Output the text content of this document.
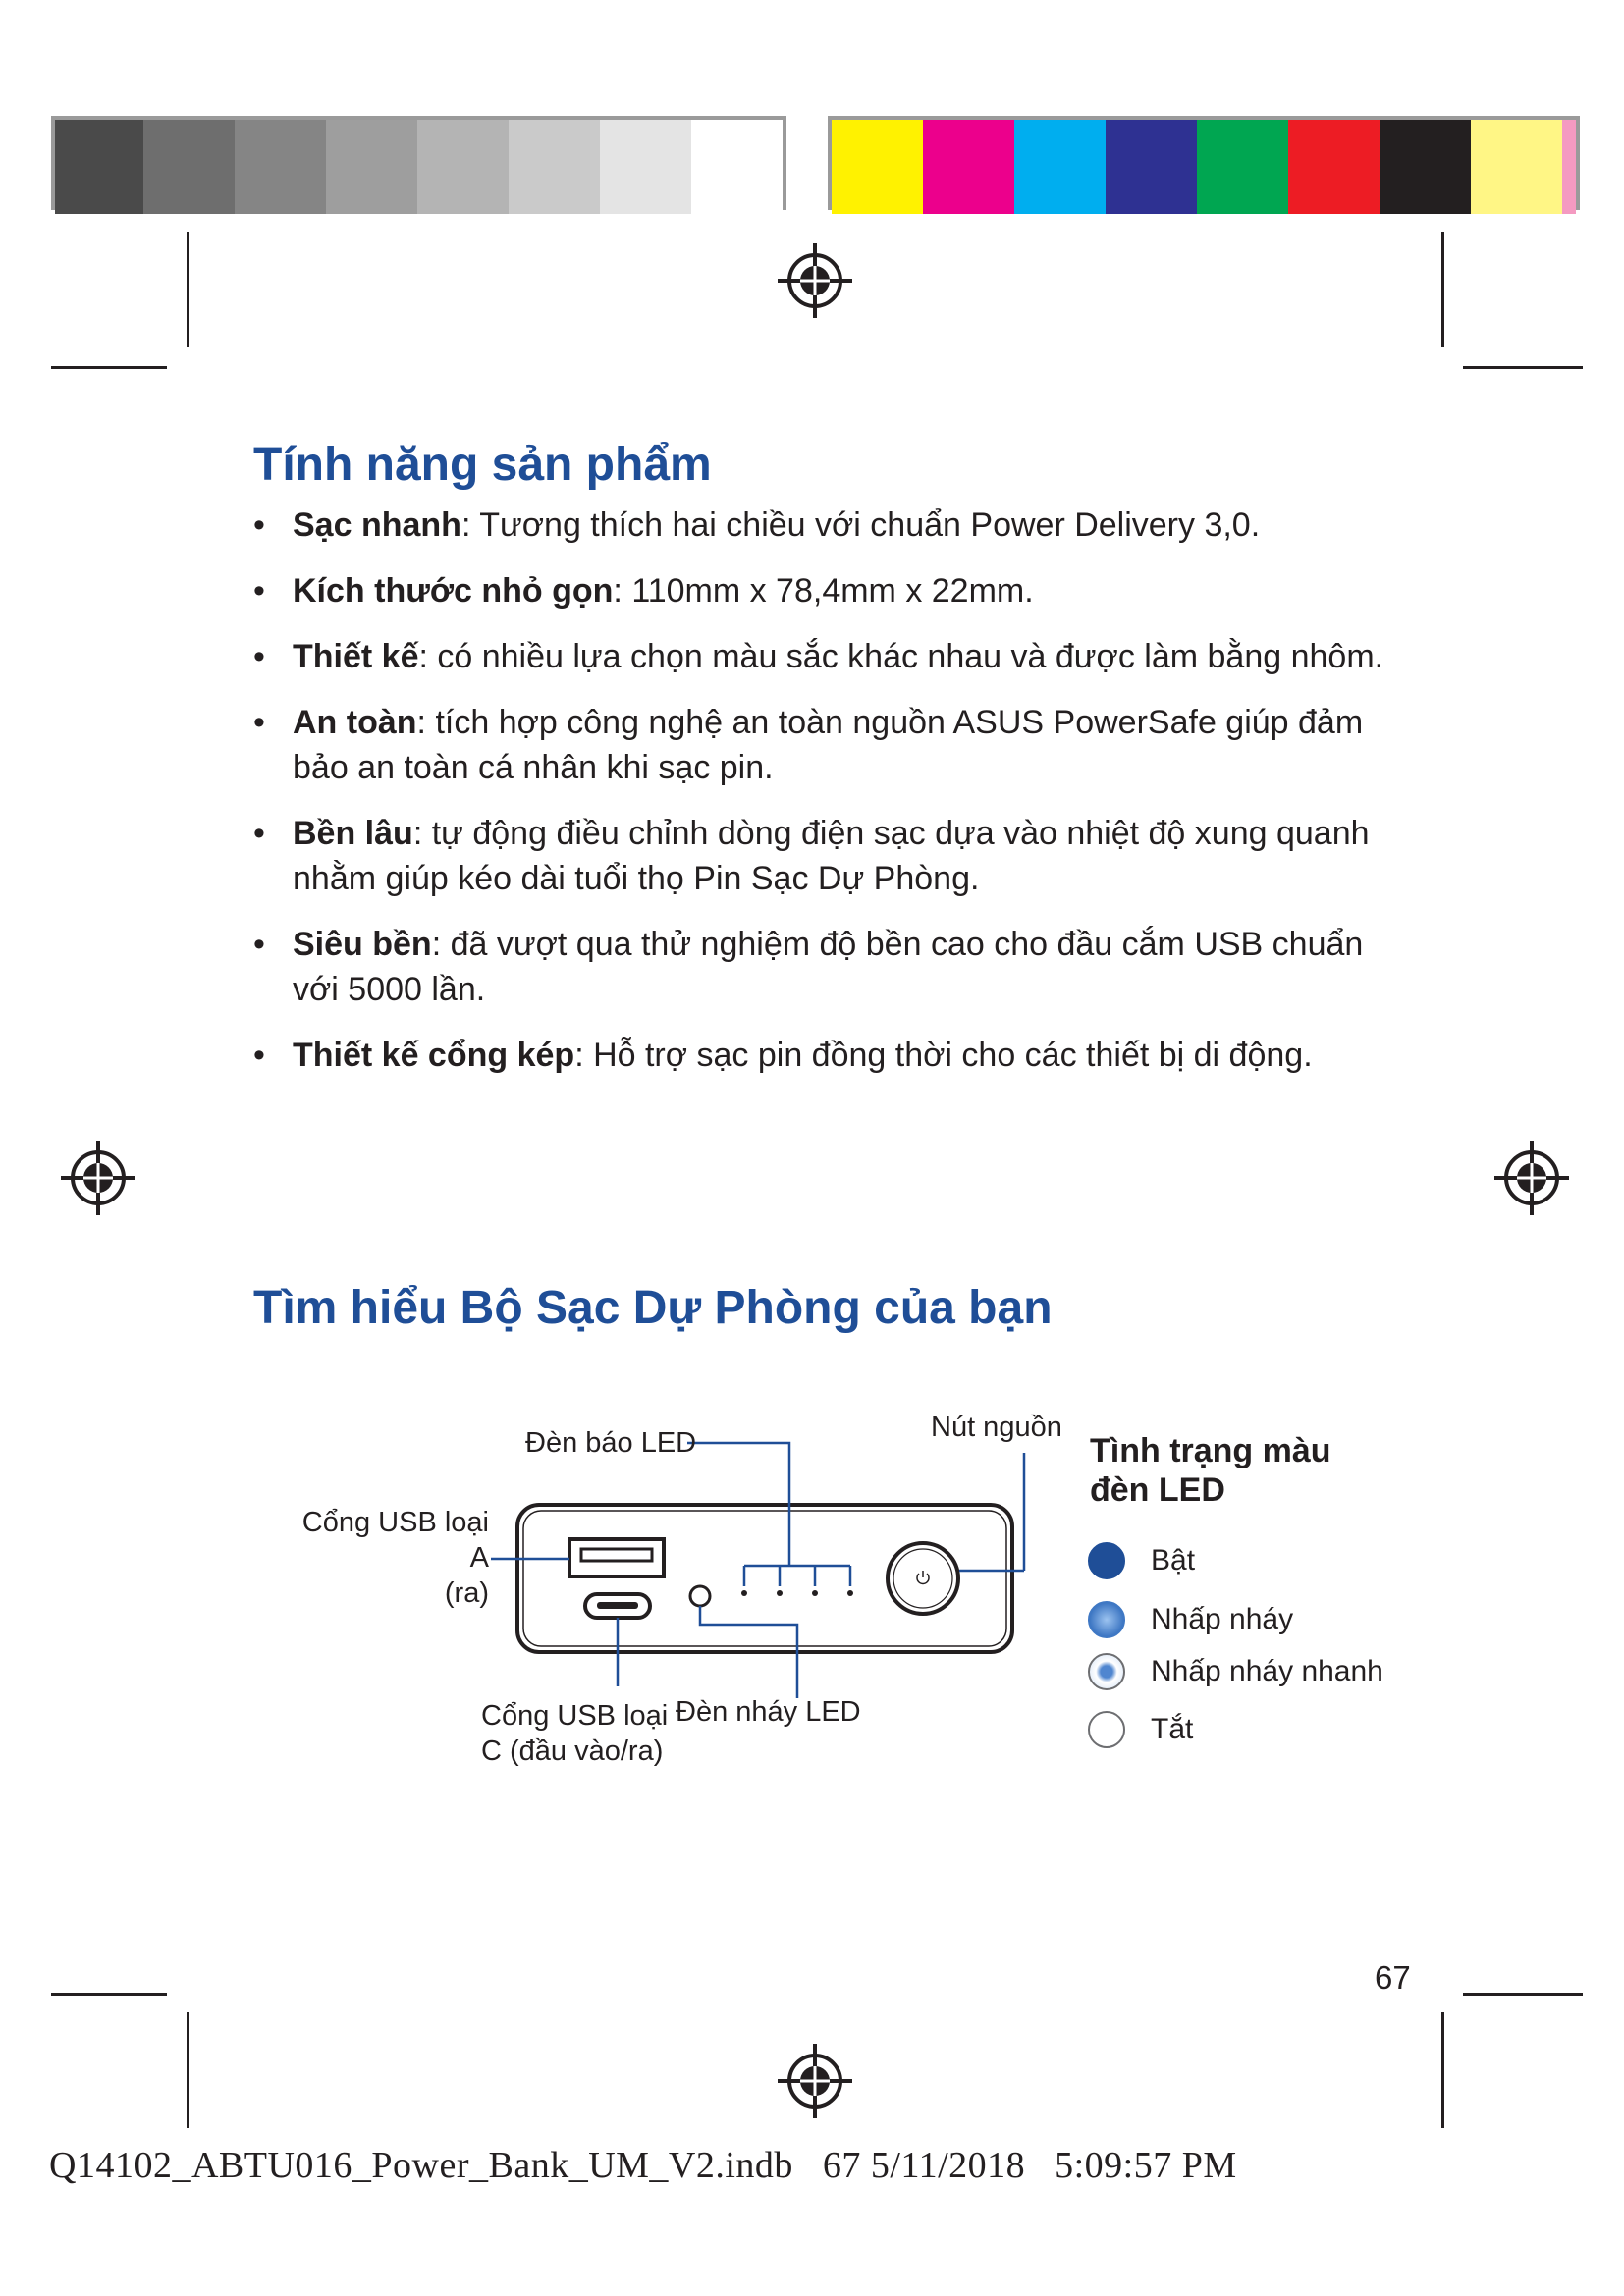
Tính năng sản phẩm
• Sạc nhanh: Tương thích hai chiều với chuẩn Power Delivery 3,0.
• Kích thước nhỏ gọn: 110mm x 78,4mm x 22mm.
• Thiết kế: có nhiều lựa chọn màu sắc khác nhau và được làm bằng nhôm.
• An toàn: tích hợp công nghệ an toàn nguồn ASUS PowerSafe giúp đảm bảo an toàn cá nhân khi sạc pin.
• Bền lâu: tự động điều chỉnh dòng điện sạc dựa vào nhiệt độ xung quanh nhằm giúp kéo dài tuổi thọ Pin Sạc Dự Phòng.
• Siêu bền: đã vượt qua thử nghiệm độ bền cao cho đầu cắm USB chuẩn với 5000 lần.
• Thiết kế cổng kép: Hỗ trợ sạc pin đồng thời cho các thiết bị di động.
Tìm hiểu Bộ Sạc Dự Phòng của bạn
Đèn báo LED	Nút nguồn
Cổng USB loại A
(ra)
Cổng USB loại
C (đầu vào/ra)
Đèn nháy LED
Tình trạng màu
đèn LED
Bật
Nhấp nháy
Nhấp nháy nhanh
Tắt
67
Q14102_ABTU016_Power_Bank_UM_V2.indb   67 5/11/2018   5:09:57 PM
